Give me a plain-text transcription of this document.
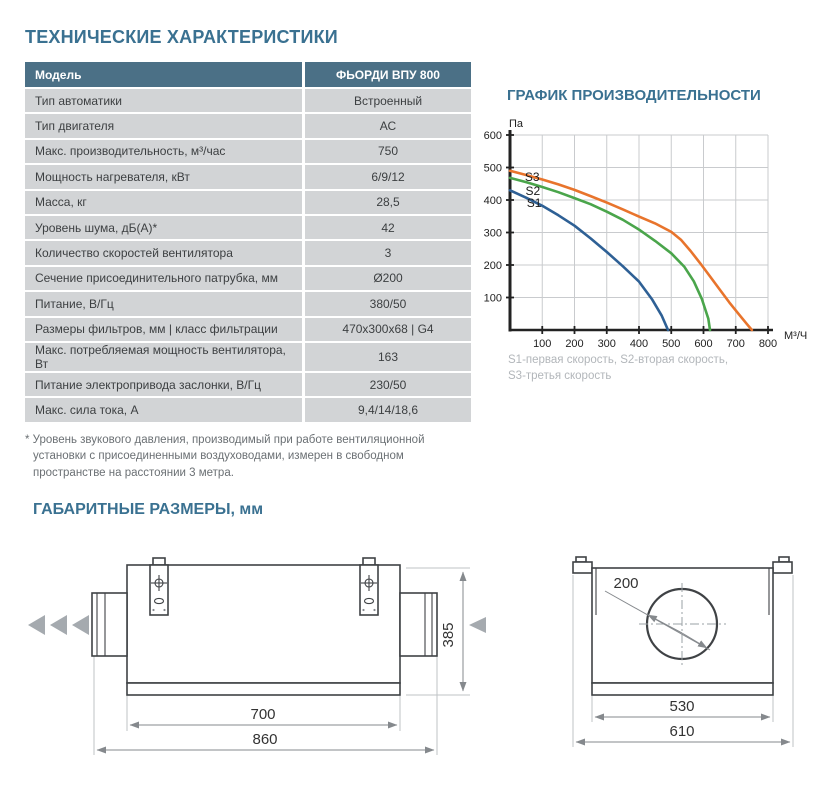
ТЕХНИЧЕСКИЕ ХАРАКТЕРИСТИКИ
Модель	ФЬОРДИ ВПУ 800
Тип автоматики	Встроенный
Тип двигателя	АС
Макс. производительность, м³/час	750
Мощность нагревателя, кВт	6/9/12
Масса, кг	28,5
Уровень шума, дБ(А)*	42
Количество скоростей вентилятора	3
Сечение присоединительного патрубка, мм	Ø200
Питание, В/Гц	380/50
Размеры фильтров, мм | класс фильтрации	470x300x68 | G4
Макс. потребляемая мощность вентилятора, Вт	163
Питание электропривода заслонки, В/Гц	230/50
Макс. сила тока, А	9,4/14/18,6
* Уровень звукового давления, производимый при работе вентиляционной установки с присоединенными воздуховодами, измерен в свободном пространстве на расстоянии 3 метра.
ГРАФИК ПРОИЗВОДИТЕЛЬНОСТИ
100
200
300
400
500
600
100 200 300 400 500 600 700 800
Па
М³/Ч
S1
S2
S3
S1-первая скорость, S2-вторая скорость,
S3-третья скорость
ГАБАРИТНЫЕ РАЗМЕРЫ, мм
385
700
860
200
530
610
